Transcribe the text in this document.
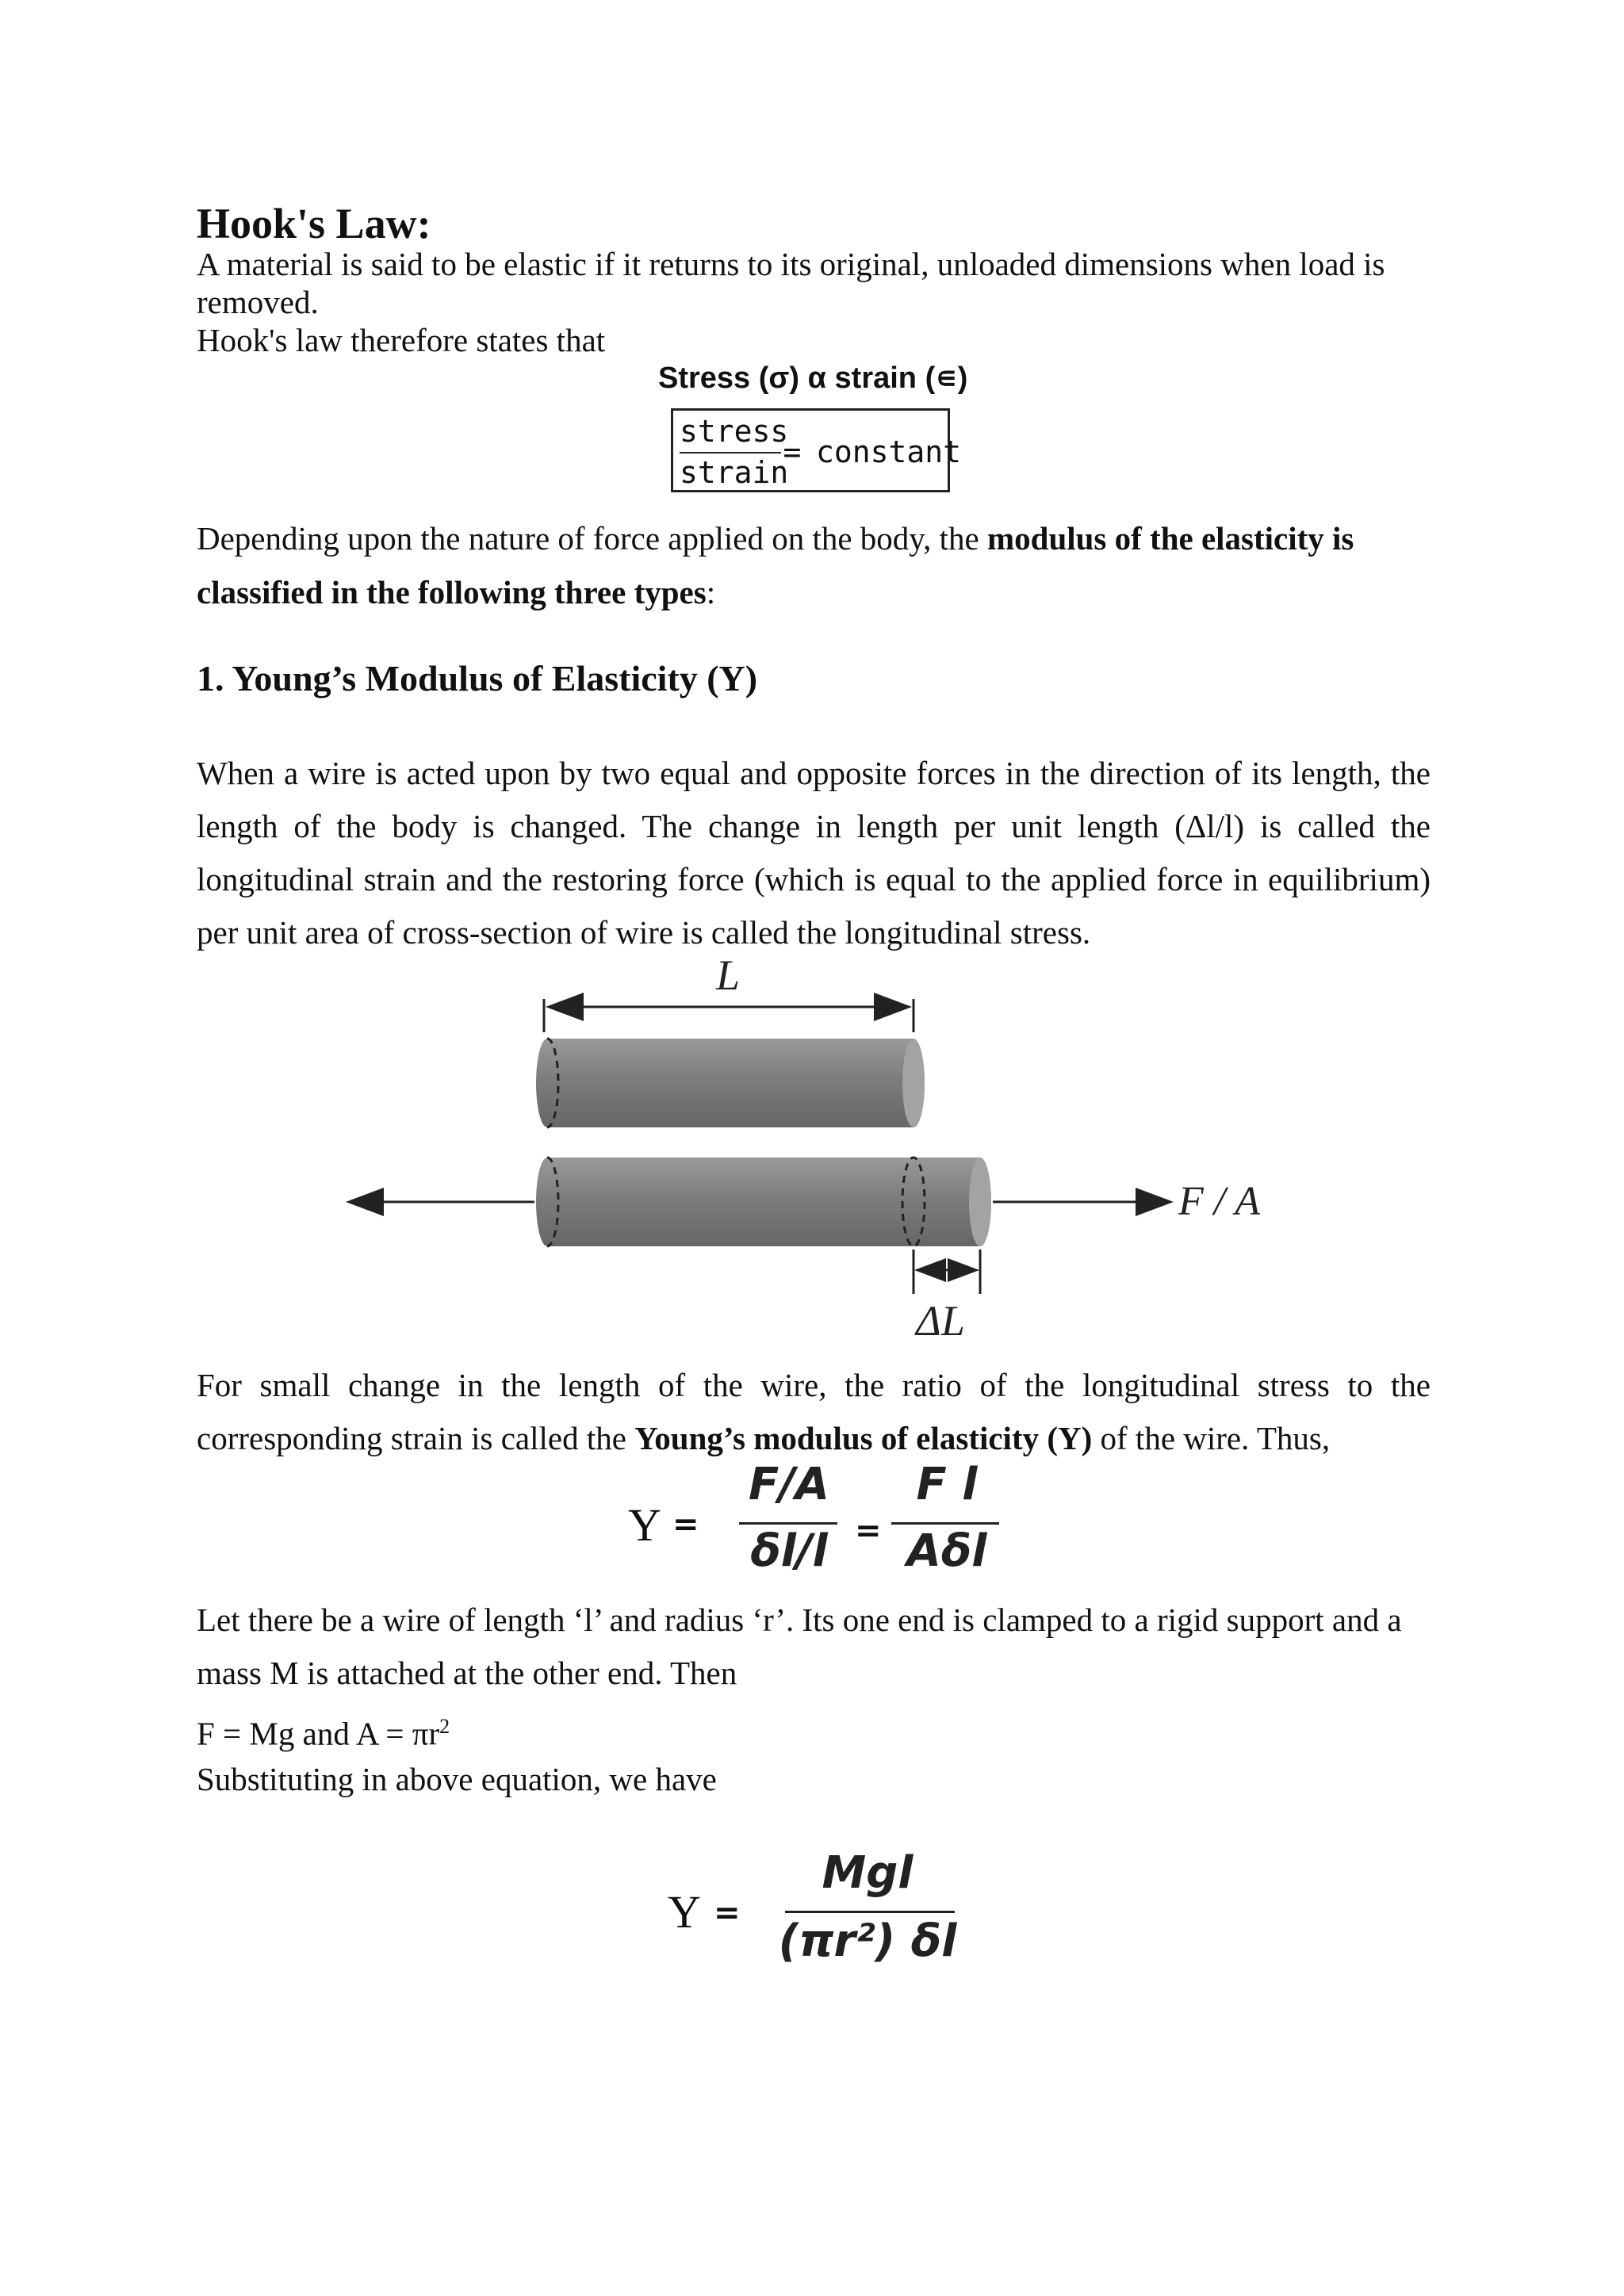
Hook's Law:
A material is said to be elastic if it returns to its original, unloaded dimensions when load is
removed.
Hook's law therefore states that
Stress (σ) α strain (∊)
stress
strain
= constant
Depending upon the nature of force applied on the body, the modulus of the elasticity is
classified in the following three types:
1. Young’s Modulus of Elasticity (Y)
When a wire is acted upon by two equal and opposite forces in the direction of its length, the
length of the body is changed. The change in length per unit length (Δl/l) is called the
longitudinal strain and the restoring force (which is equal to the applied force in equilibrium)
per unit area of cross-section of wire is called the longitudinal stress.
L
F / A
ΔL
For small change in the length of the wire, the ratio of the longitudinal stress to the
corresponding strain is called the Young’s modulus of elasticity (Y) of the wire. Thus,
Y =
F/A
δl/l =
F l
Aδl
Let there be a wire of length ‘l’ and radius ‘r’. Its one end is clamped to a rigid support and a
mass M is attached at the other end. Then
F = Mg and $A = \pi r^2$
Substituting in above equation, we have
Y =
Mgl
(πr²) δl
